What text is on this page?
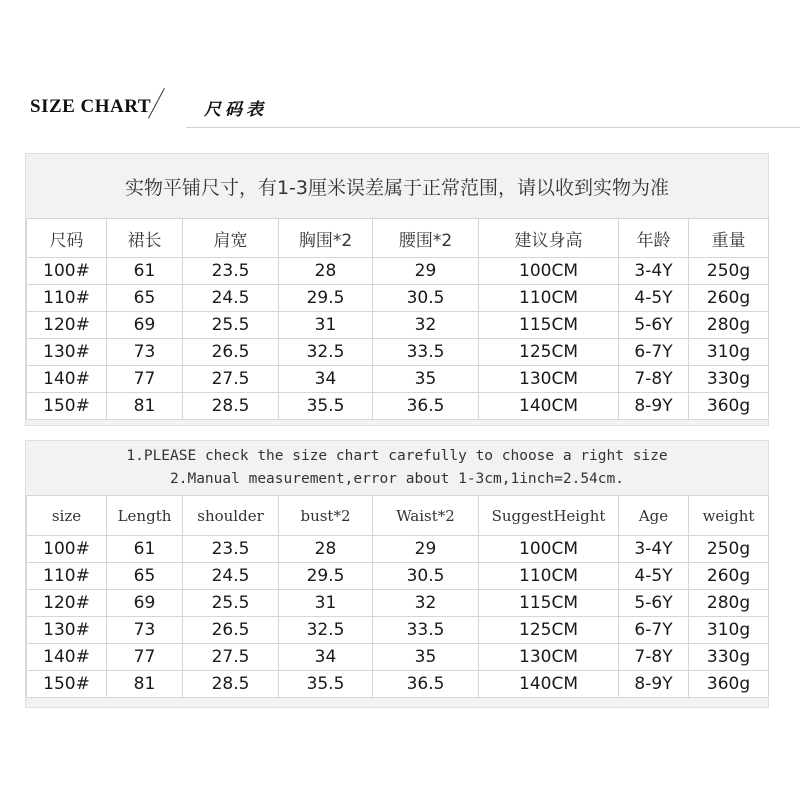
SIZE CHART	尺码表
实物平铺尺寸，有1-3厘米误差属于正常范围，请以收到实物为准
尺码	裙长	肩宽	胸围*2	腰围*2	建议身高	年龄	重量
100#	61	23.5	28	29	100CM	3-4Y	250g
110#	65	24.5	29.5	30.5	110CM	4-5Y	260g
120#	69	25.5	31	32	115CM	5-6Y	280g
130#	73	26.5	32.5	33.5	125CM	6-7Y	310g
140#	77	27.5	34	35	130CM	7-8Y	330g
150#	81	28.5	35.5	36.5	140CM	8-9Y	360g
1.PLEASE check the size chart carefully to choose a right size
2.Manual measurement,error about 1-3cm,1inch=2.54cm.
size	Length	shoulder	bust*2	Waist*2	SuggestHeight	Age	weight
100#	61	23.5	28	29	100CM	3-4Y	250g
110#	65	24.5	29.5	30.5	110CM	4-5Y	260g
120#	69	25.5	31	32	115CM	5-6Y	280g
130#	73	26.5	32.5	33.5	125CM	6-7Y	310g
140#	77	27.5	34	35	130CM	7-8Y	330g
150#	81	28.5	35.5	36.5	140CM	8-9Y	360g
